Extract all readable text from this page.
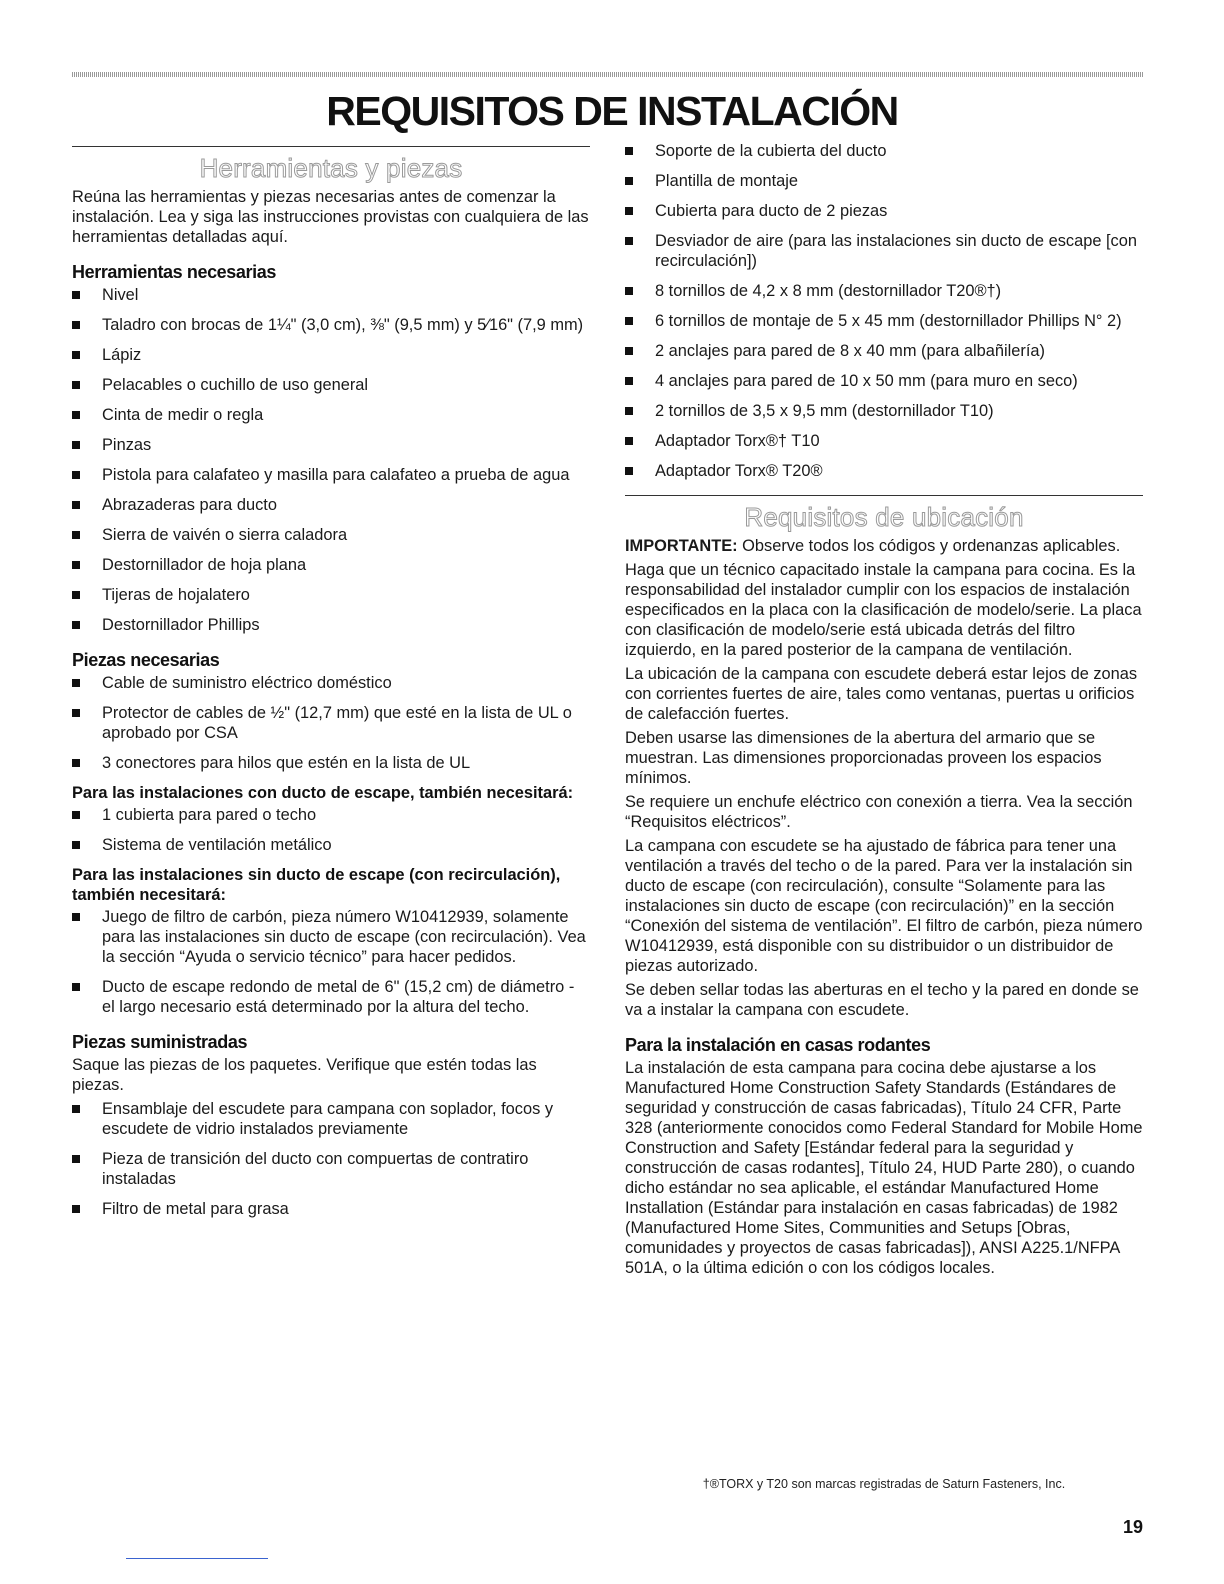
REQUISITOS DE INSTALACIÓN
Herramientas y piezas

Reúna las herramientas y piezas necesarias antes de comenzar la instalación. Lea y siga las instrucciones provistas con cualquiera de las herramientas detalladas aquí.

Herramientas necesarias
Nivel
Taladro con brocas de 1¼" (3,0 cm), ⅜" (9,5 mm) y 5⁄16" (7,9 mm)
Lápiz
Pelacables o cuchillo de uso general
Cinta de medir o regla
Pinzas
Pistola para calafateo y masilla para calafateo a prueba de agua
Abrazaderas para ducto
Sierra de vaivén o sierra caladora
Destornillador de hoja plana
Tijeras de hojalatero
Destornillador Phillips
Piezas necesarias
Cable de suministro eléctrico doméstico
Protector de cables de ½" (12,7 mm) que esté en la lista de UL o aprobado por CSA
3 conectores para hilos que estén en la lista de UL
Para las instalaciones con ducto de escape, también necesitará:
1 cubierta para pared o techo
Sistema de ventilación metálico
Para las instalaciones sin ducto de escape (con recirculación), también necesitará:
Juego de filtro de carbón, pieza número W10412939, solamente para las instalaciones sin ducto de escape (con recirculación). Vea la sección “Ayuda o servicio técnico” para hacer pedidos.
Ducto de escape redondo de metal de 6" (15,2 cm) de diámetro - el largo necesario está determinado por la altura del techo.
Piezas suministradas

Saque las piezas de los paquetes. Verifique que estén todas las piezas.

Ensamblaje del escudete para campana con soplador, focos y escudete de vidrio instalados previamente
Pieza de transición del ducto con compuertas de contratiro instaladas
Filtro de metal para grasa
Soporte de la cubierta del ducto
Plantilla de montaje
Cubierta para ducto de 2 piezas
Desviador de aire (para las instalaciones sin ducto de escape [con recirculación])
8 tornillos de 4,2 x 8 mm (destornillador T20®†)
6 tornillos de montaje de 5 x 45 mm (destornillador Phillips N° 2)
2 anclajes para pared de 8 x 40 mm (para albañilería)
4 anclajes para pared de 10 x 50 mm (para muro en seco)
2 tornillos de 3,5 x 9,5 mm (destornillador T10)
Adaptador Torx®† T10
Adaptador Torx® T20®
Requisitos de ubicación

IMPORTANTE: Observe todos los códigos y ordenanzas aplicables.

Haga que un técnico capacitado instale la campana para cocina. Es la responsabilidad del instalador cumplir con los espacios de instalación especificados en la placa con la clasificación de modelo/serie. La placa con clasificación de modelo/serie está ubicada detrás del filtro izquierdo, en la pared posterior de la campana de ventilación.

La ubicación de la campana con escudete deberá estar lejos de zonas con corrientes fuertes de aire, tales como ventanas, puertas u orificios de calefacción fuertes.

Deben usarse las dimensiones de la abertura del armario que se muestran. Las dimensiones proporcionadas proveen los espacios mínimos.

Se requiere un enchufe eléctrico con conexión a tierra. Vea la sección “Requisitos eléctricos”.

La campana con escudete se ha ajustado de fábrica para tener una ventilación a través del techo o de la pared. Para ver la instalación sin ducto de escape (con recirculación), consulte “Solamente para las instalaciones sin ducto de escape (con recirculación)” en la sección “Conexión del sistema de ventilación”. El filtro de carbón, pieza número W10412939, está disponible con su distribuidor o un distribuidor de piezas autorizado.

Se deben sellar todas las aberturas en el techo y la pared en donde se va a instalar la campana con escudete.

Para la instalación en casas rodantes

La instalación de esta campana para cocina debe ajustarse a los Manufactured Home Construction Safety Standards (Estándares de seguridad y construcción de casas fabricadas), Título 24 CFR, Parte 328 (anteriormente conocidos como Federal Standard for Mobile Home Construction and Safety [Estándar federal para la seguridad y construcción de casas rodantes], Título 24, HUD Parte 280), o cuando dicho estándar no sea aplicable, el estándar Manufactured Home Installation (Estándar para instalación en casas fabricadas) de 1982 (Manufactured Home Sites, Communities and Setups [Obras, comunidades y proyectos de casas fabricadas]), ANSI A225.1/NFPA 501A, o la última edición o con los códigos locales.

†®TORX y T20 son marcas registradas de Saturn Fasteners, Inc.
19
